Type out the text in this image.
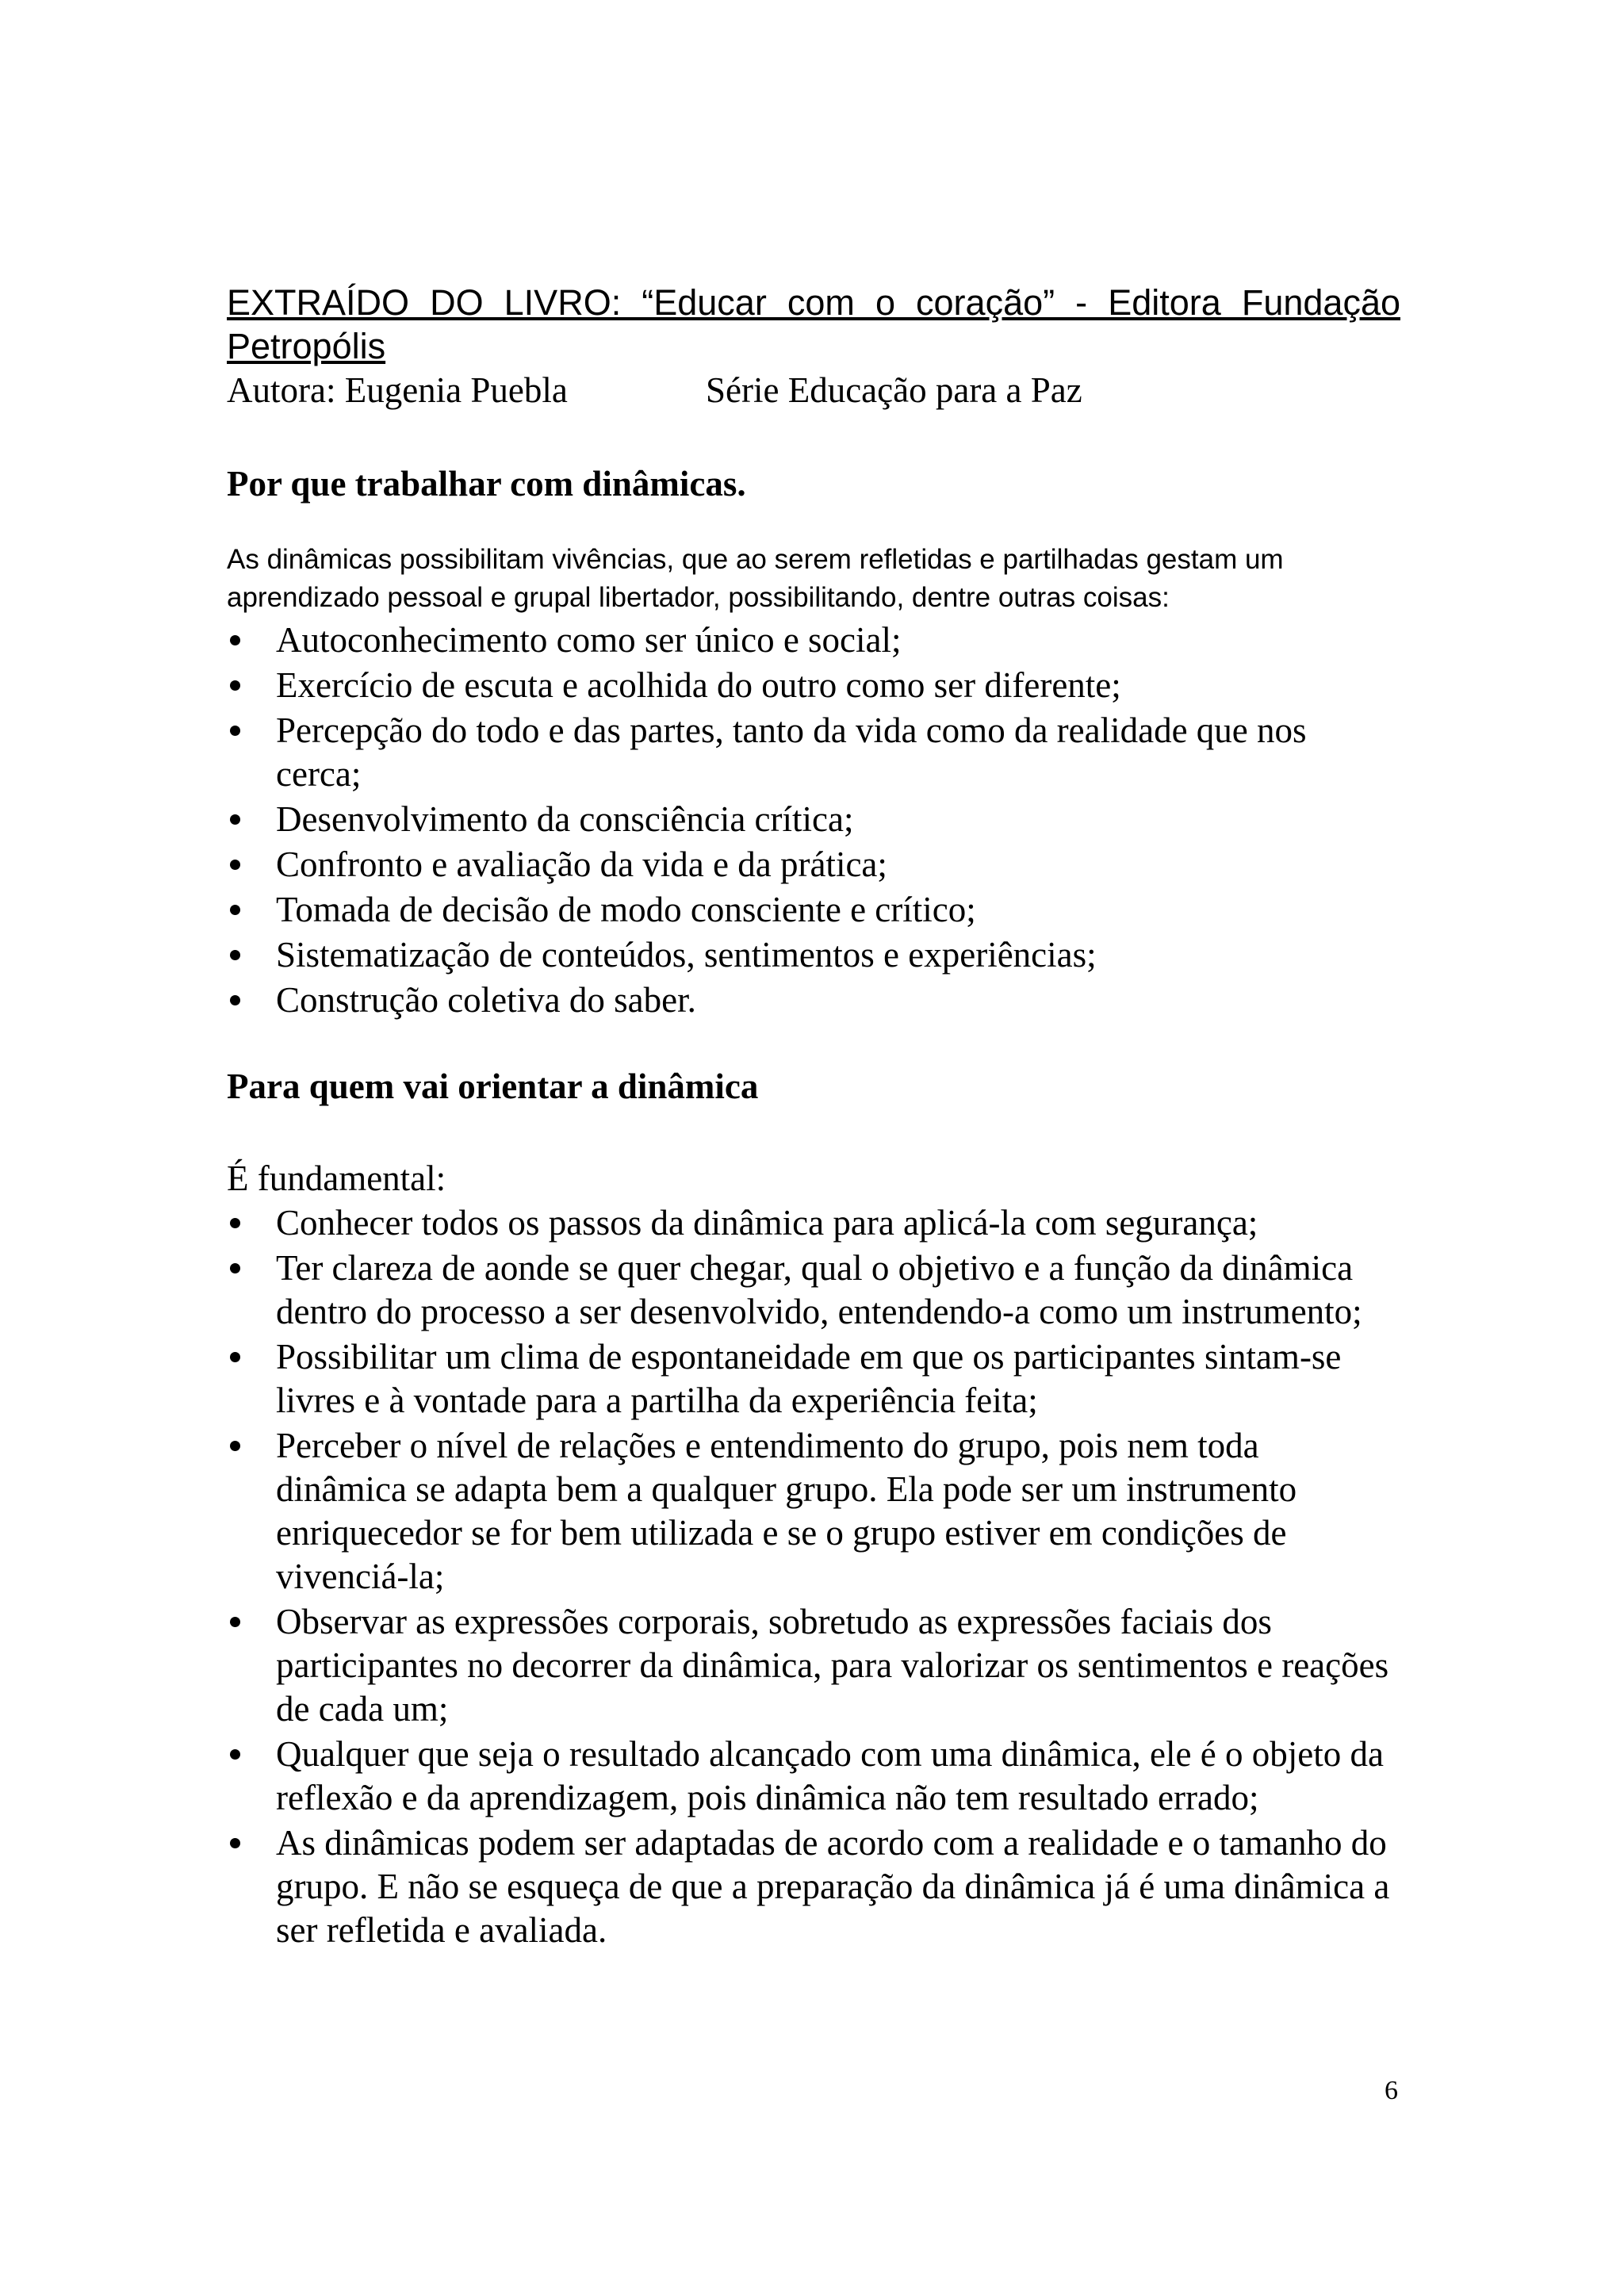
EXTRAÍDO DO LIVRO: “Educar com o coração” - Editora Fundação
Petropólis
Autora: Eugenia Puebla	Série Educação para a Paz
Por que trabalhar com dinâmicas.
As dinâmicas possibilitam vivências, que ao serem refletidas e partilhadas gestam um aprendizado pessoal e grupal libertador, possibilitando, dentre outras coisas:
Autoconhecimento como ser único e social;
Exercício de escuta e acolhida do outro como ser diferente;
Percepção do todo e das partes, tanto da vida como da realidade que nos cerca;
Desenvolvimento da consciência crítica;
Confronto e avaliação da vida e da prática;
Tomada de decisão de modo consciente e crítico;
Sistematização de conteúdos, sentimentos e experiências;
Construção coletiva do saber.
Para quem vai orientar a dinâmica
É fundamental:
Conhecer todos os passos da dinâmica para aplicá-la com segurança;
Ter clareza de aonde se quer chegar, qual o objetivo e a função da dinâmica dentro do processo a ser desenvolvido, entendendo-a como um instrumento;
Possibilitar um clima de espontaneidade em que os participantes sintam-se livres e à vontade para a partilha da experiência feita;
Perceber o nível de relações e entendimento do grupo, pois nem toda dinâmica se adapta bem a qualquer grupo. Ela pode ser um instrumento enriquecedor se for bem utilizada e se o grupo estiver em condições de vivenciá-la;
Observar as expressões corporais, sobretudo as expressões faciais dos participantes no decorrer da dinâmica, para valorizar os sentimentos e reações de cada um;
Qualquer que seja o resultado alcançado com uma dinâmica, ele é o objeto da reflexão e da aprendizagem, pois dinâmica não tem resultado errado;
As dinâmicas podem ser adaptadas de acordo com a realidade e o tamanho do grupo. E não se esqueça de que a preparação da dinâmica já é uma dinâmica a ser refletida e avaliada.
6
